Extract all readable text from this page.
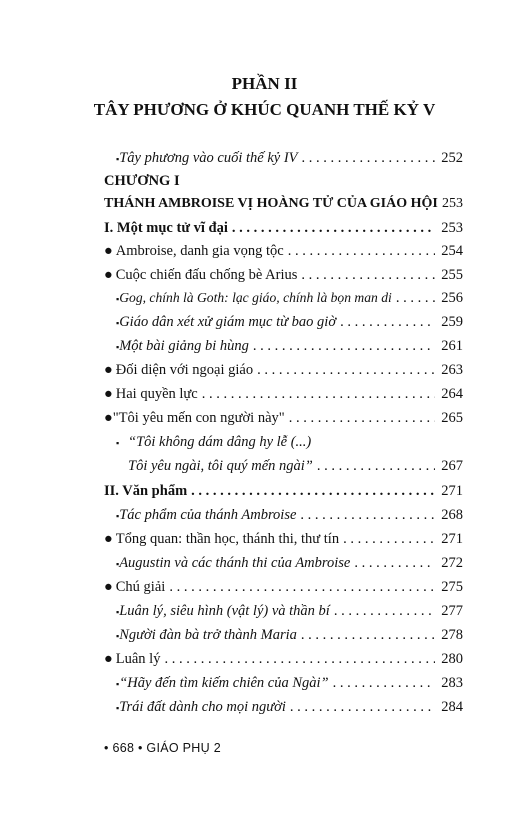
PHẦN II
TÂY PHƯƠNG Ở KHÚC QUANH THẾ KỶ V
▪ Tây phương vào cuối thế kỷ IV . . .	252
CHƯƠNG I
THÁNH AMBROISE VỊ HOÀNG TỬ CỦA GIÁO HỘI 253
I. Một mục tử vĩ đại . . .	253
● Ambroise, danh gia vọng tộc . . .	254
● Cuộc chiến đấu chống bè Arius . . .	255
▪ Gog, chính là Goth: lạc giáo, chính là bọn man di . . .	256
▪ Giáo dân xét xử giám mục từ bao giờ . . .	259
▪ Một bài giảng bi hùng . . .	261
● Đối diện với ngoại giáo . . .	263
● Hai quyền lực . . .	264
● "Tôi yêu mến con người này" . . .	265
▪ “Tôi không dám dâng hy lễ (...)
Tôi yêu ngài, tôi quý mến ngài” . . .	267
II. Văn phẩm . . .	271
▪ Tác phẩm của thánh Ambroise . . .	268
● Tổng quan: thần học, thánh thi, thư tín . . .	271
▪ Augustin và các thánh thi của Ambroise . . .	272
● Chú giải . . .	275
▪ Luân lý, siêu hình (vật lý) và thần bí . . .	277
▪ Người đàn bà trở thành Maria . . .	278
● Luân lý . . .	280
▪ “Hãy đến tìm kiếm chiên của Ngài” . . .	283
▪ Trái đất dành cho mọi người . . .	284
• 668 • GIÁO PHỤ 2
